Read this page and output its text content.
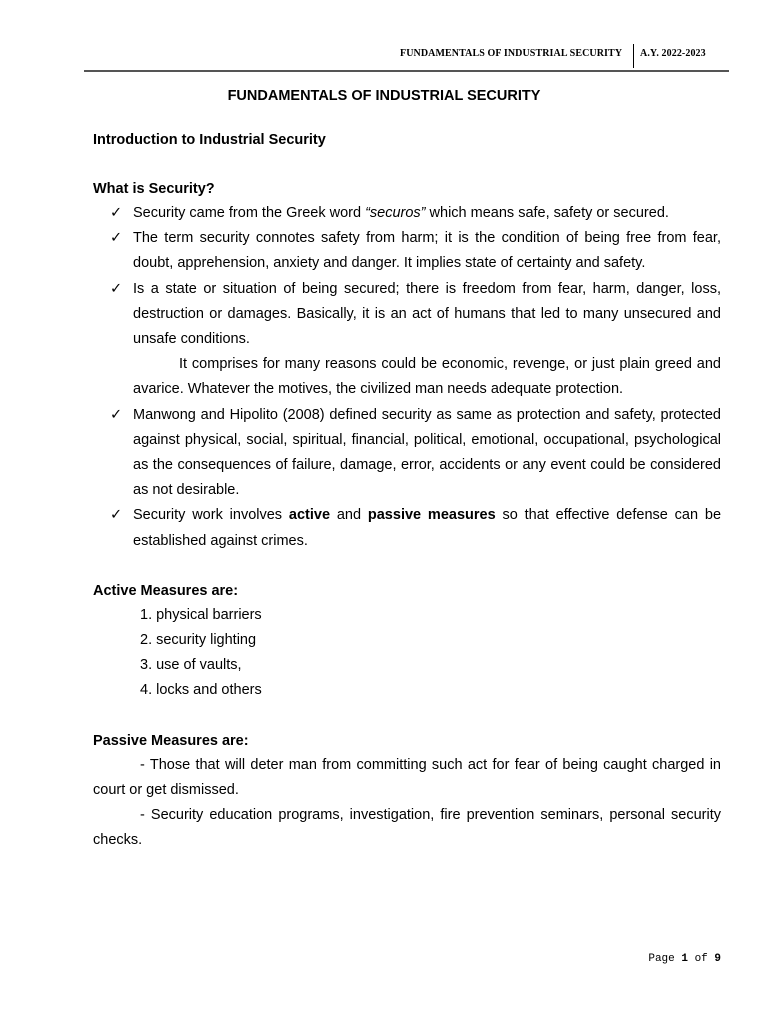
FUNDAMENTALS OF INDUSTRIAL SECURITY A.Y. 2022-2023
FUNDAMENTALS OF INDUSTRIAL SECURITY
Introduction to Industrial Security
What is Security?
✓ Security came from the Greek word “securos” which means safe, safety or secured.
✓ The term security connotes safety from harm; it is the condition of being free from fear, doubt, apprehension, anxiety and danger. It implies state of certainty and safety.
✓ Is a state or situation of being secured; there is freedom from fear, harm, danger, loss, destruction or damages. Basically, it is an act of humans that led to many unsecured and unsafe conditions.
It comprises for many reasons could be economic, revenge, or just plain greed and avarice. Whatever the motives, the civilized man needs adequate protection.
✓ Manwong and Hipolito (2008) defined security as same as protection and safety, protected against physical, social, spiritual, financial, political, emotional, occupational, psychological as the consequences of failure, damage, error, accidents or any event could be considered as not desirable.
✓ Security work involves active and passive measures so that effective defense can be established against crimes.
Active Measures are:
1. physical barriers
2. security lighting
3. use of vaults,
4. locks and others
Passive Measures are:
- Those that will deter man from committing such act for fear of being caught charged in court or get dismissed.
- Security education programs, investigation, fire prevention seminars, personal security checks.
Page 1 of 9
